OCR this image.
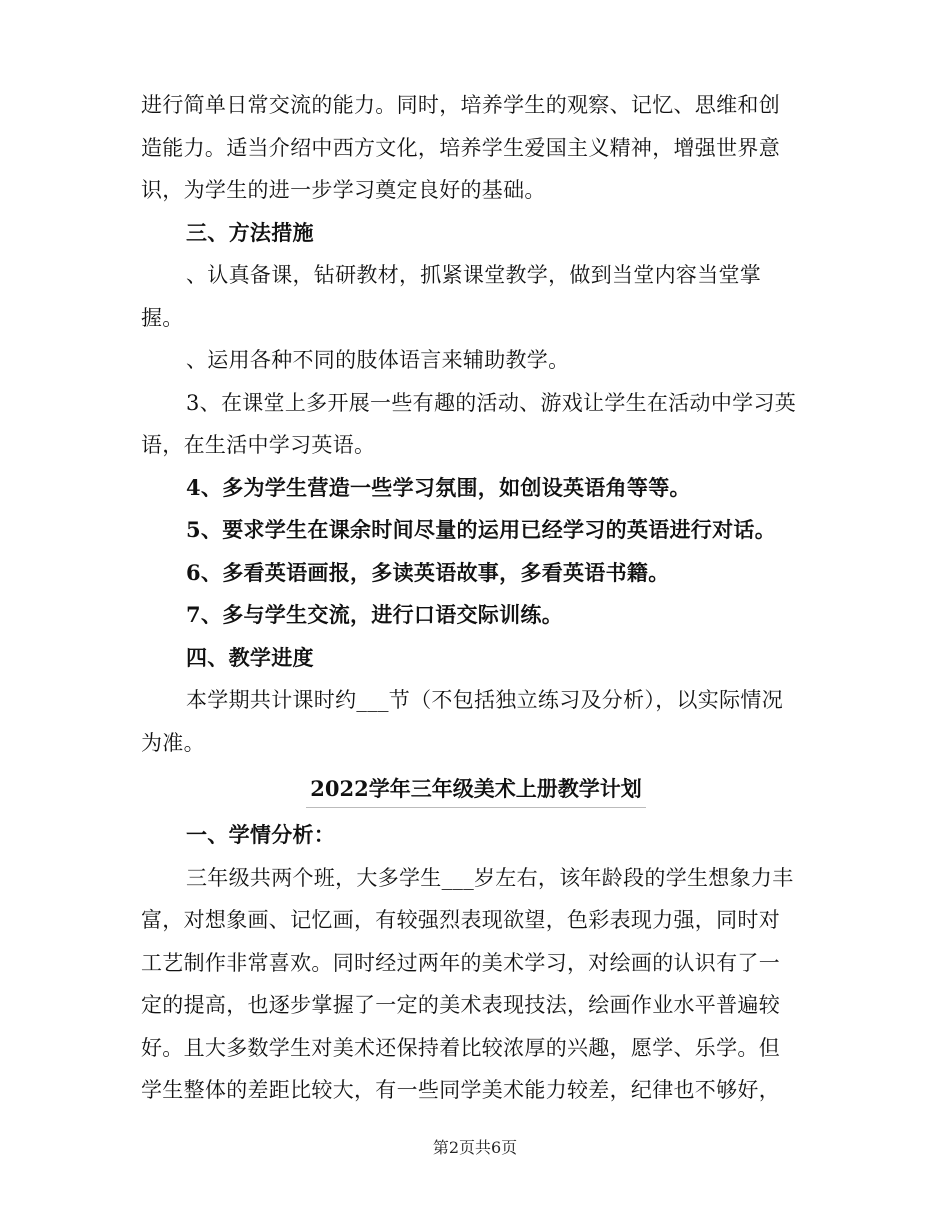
进行简单日常交流的能力。同时，培养学生的观察、记忆、思维和创
造能力。适当介绍中西方文化，培养学生爱国主义精神，增强世界意
识，为学生的进一步学习奠定良好的基础。
三、方法措施
、认真备课，钻研教材，抓紧课堂教学，做到当堂内容当堂掌
握。
、运用各种不同的肢体语言来辅助教学。
3、在课堂上多开展一些有趣的活动、游戏让学生在活动中学习英
语，在生活中学习英语。
4、多为学生营造一些学习氛围，如创设英语角等等。
5、要求学生在课余时间尽量的运用已经学习的英语进行对话。
6、多看英语画报，多读英语故事，多看英语书籍。
7、多与学生交流，进行口语交际训练。
四、教学进度
本学期共计课时约___节（不包括独立练习及分析），以实际情况
为准。
2022学年三年级美术上册教学计划
一、学情分析：
三年级共两个班，大多学生___岁左右，该年龄段的学生想象力丰
富，对想象画、记忆画，有较强烈表现欲望，色彩表现力强，同时对
工艺制作非常喜欢。同时经过两年的美术学习，对绘画的认识有了一
定的提高，也逐步掌握了一定的美术表现技法，绘画作业水平普遍较
好。且大多数学生对美术还保持着比较浓厚的兴趣，愿学、乐学。但
学生整体的差距比较大，有一些同学美术能力较差，纪律也不够好，
第2页共6页
